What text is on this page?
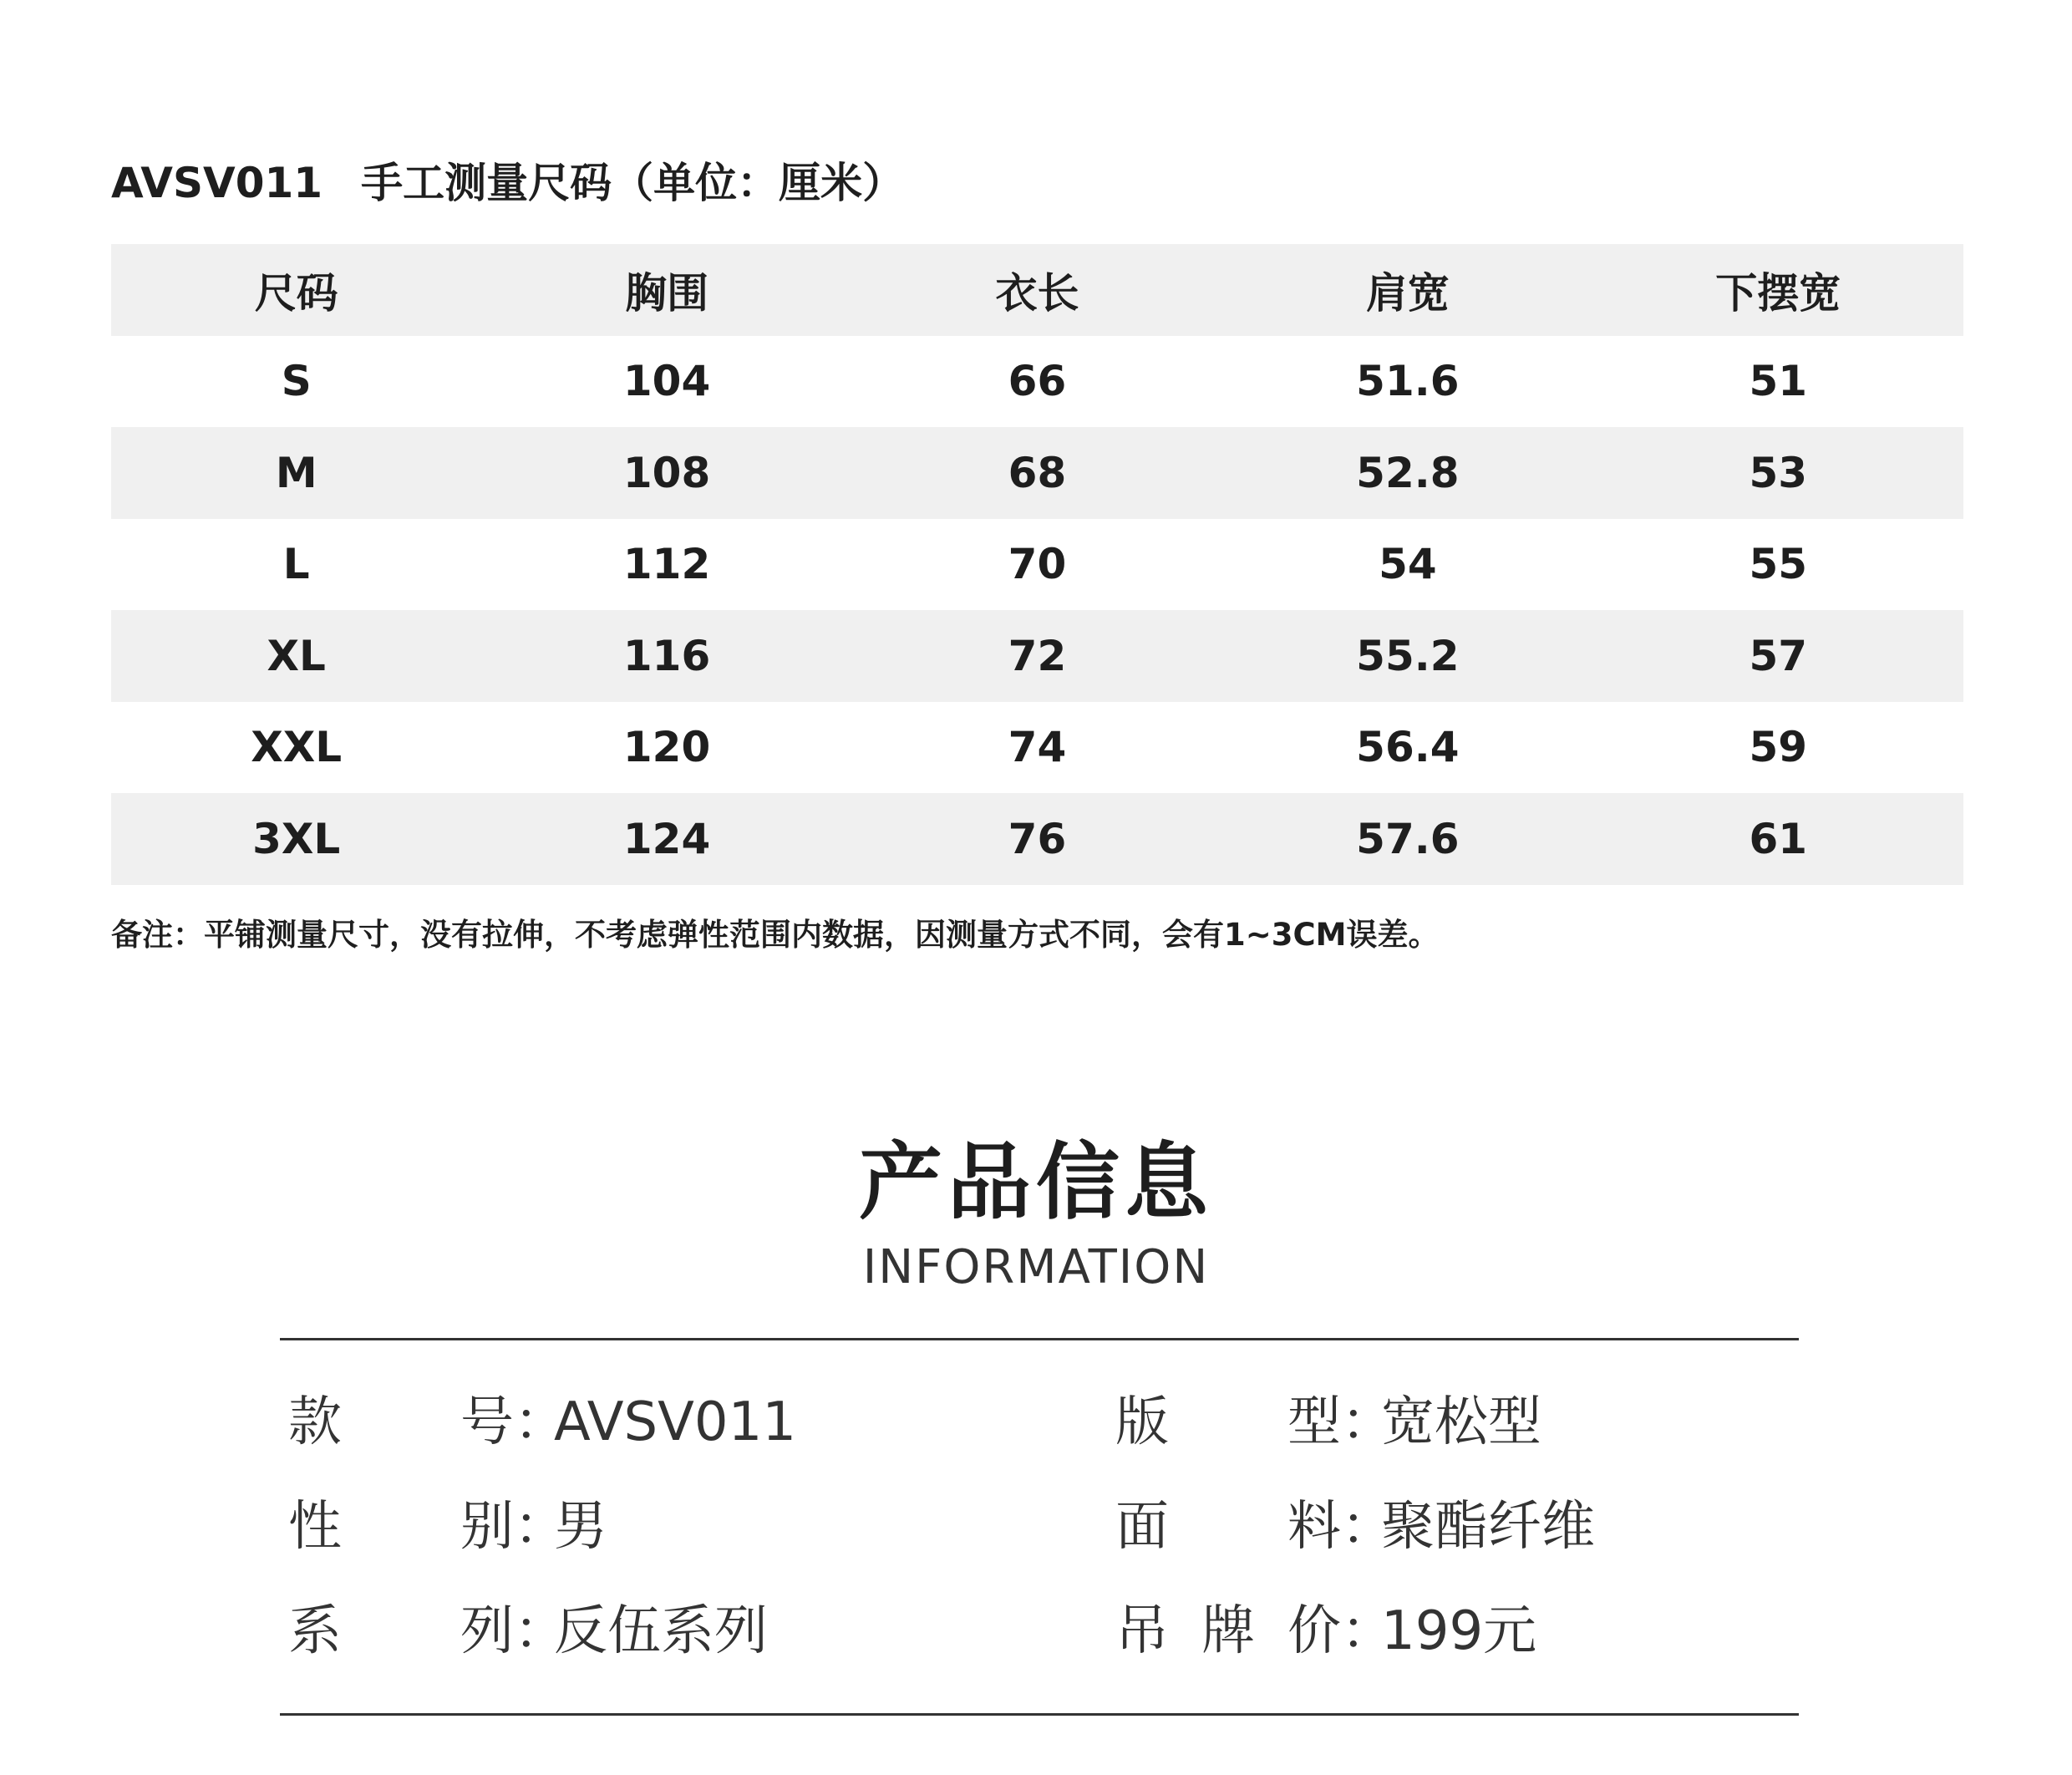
AVSV011 手工测量尺码（单位：厘米）
尺码	胸围	衣长	肩宽	下摆宽
S	104	66	51.6	51
M	108	68	52.8	53
L	112	70	54	55
XL	116	72	55.2	57
XXL	120	74	56.4	59
3XL	124	76	57.6	61
备注：平铺测量尺寸，没有拉伸，不考虑弹性范围内数据，因测量方式不同，会有1~3CM误差。
产品信息
INFORMATION
款号：AVSV011
性别：男
系列：反伍系列
版型：宽松型
面料：聚酯纤维
吊牌价：199元
